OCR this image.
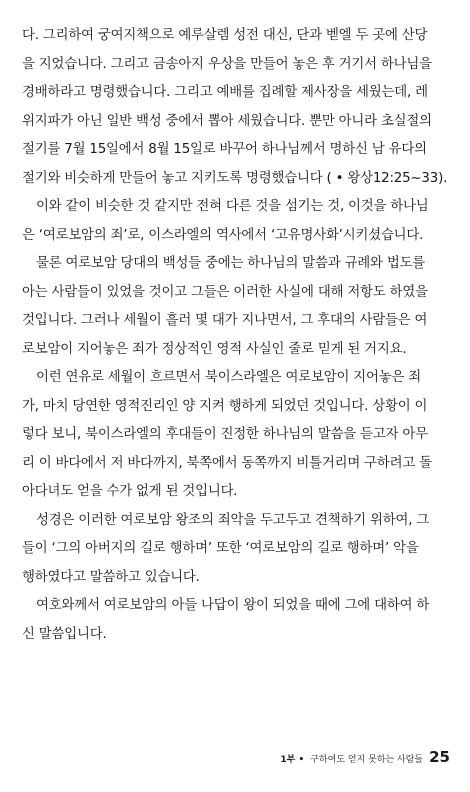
다. 그리하여 궁여지책으로 예루살렘 성전 대신, 단과 벧엘 두 곳에 산당
을 지었습니다. 그리고 금송아지 우상을 만들어 놓은 후 거기서 하나님을
경배하라고 명령했습니다. 그리고 예배를 집례할 제사장을 세웠는데, 레
위지파가 아닌 일반 백성 중에서 뽑아 세웠습니다. 뿐만 아니라 초실절의
절기를 7월 15일에서 8월 15일로 바꾸어 하나님께서 명하신 남 유다의
절기와 비슷하게 만들어 놓고 지키도록 명령했습니다 ( • 왕상12:25~33).
이와 같이 비슷한 것 같지만 전혀 다른 것을 섬기는 것, 이것을 하나님
은 ‘여로보암의 죄’로, 이스라엘의 역사에서 ‘고유명사화’시키셨습니다.
물론 여로보암 당대의 백성들 중에는 하나님의 말씀과 규례와 법도를
아는 사람들이 있었을 것이고 그들은 이러한 사실에 대해 저항도 하였을
것입니다. 그러나 세월이 흘러 몇 대가 지나면서, 그 후대의 사람들은 여
로보암이 지어놓은 죄가 정상적인 영적 사실인 줄로 믿게 된 거지요.
이런 연유로 세월이 흐르면서 북이스라엘은 여로보암이 지어놓은 죄
가, 마치 당연한 영적진리인 양 지켜 행하게 되었던 것입니다. 상황이 이
렇다 보니, 북이스라엘의 후대들이 진정한 하나님의 말씀을 듣고자 아무
리 이 바다에서 저 바다까지, 북쪽에서 동쪽까지 비틀거리며 구하려고 돌
아다녀도 얻을 수가 없게 된 것입니다.
성경은 이러한 여로보암 왕조의 죄악을 두고두고 견책하기 위하여, 그
들이 ‘그의 아버지의 길로 행하며’ 또한 ‘여로보암의 길로 행하며’ 악을
행하였다고 말씀하고 있습니다.
여호와께서 여로보암의 아들 나답이 왕이 되었을 때에 그에 대하여 하
신 말씀입니다.
1부 • 구하여도 얻지 못하는 사람들 25
